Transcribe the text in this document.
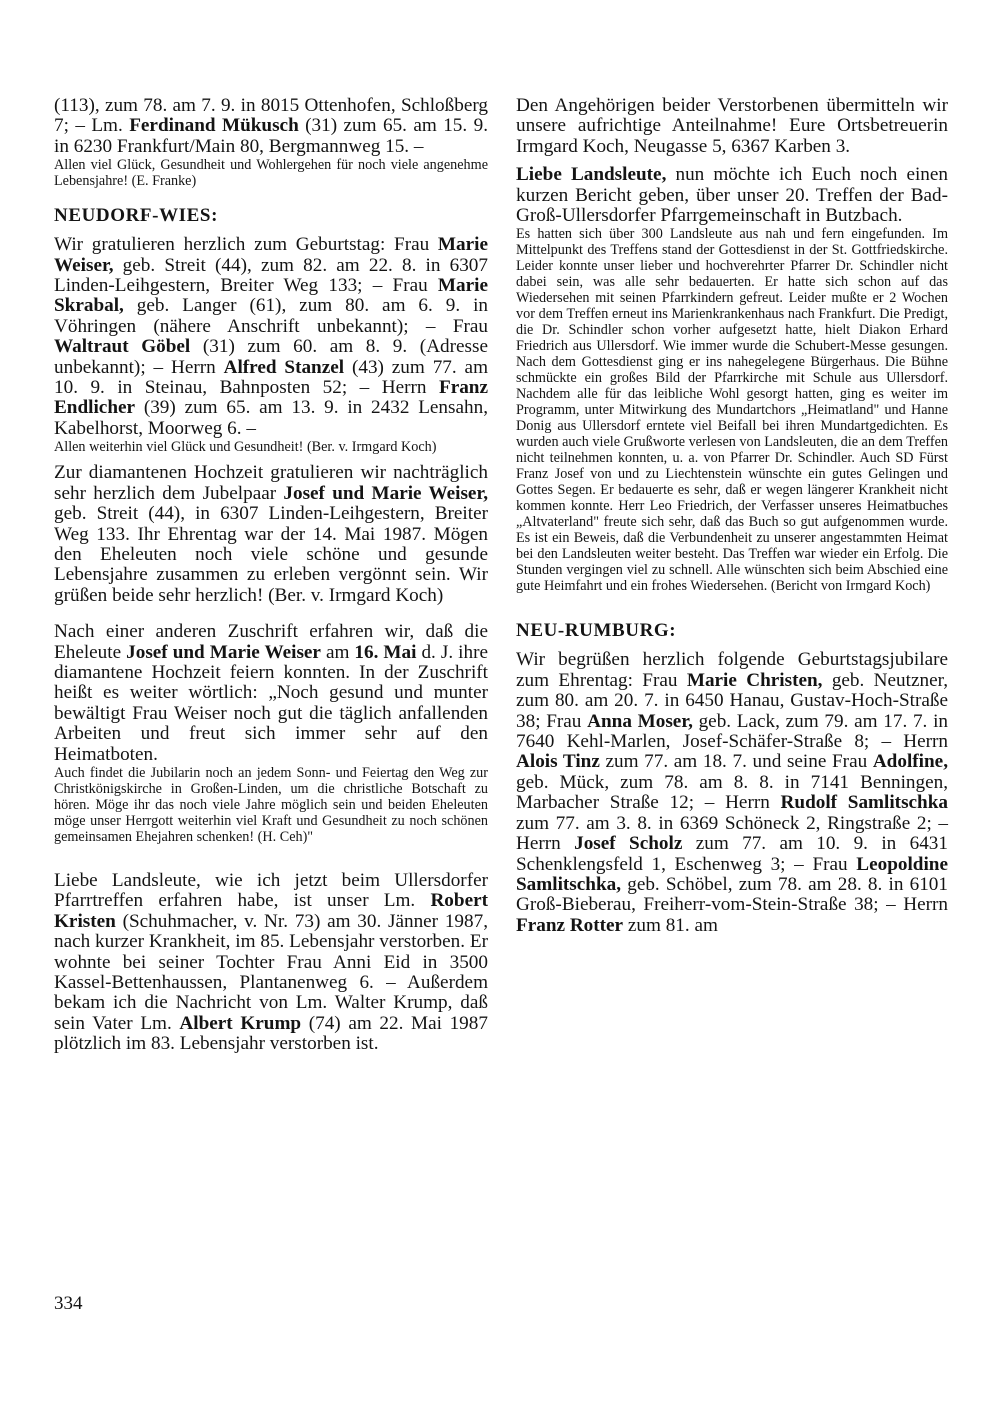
(113), zum 78. am 7. 9. in 8015 Ottenhofen, Schloßberg 7; – Lm. Ferdinand Mükusch (31) zum 65. am 15. 9. in 6230 Frankfurt/Main 80, Bergmannweg 15. –

Allen viel Glück, Gesundheit und Wohlergehen für noch viele angenehme Lebensjahre! (E. Franke)

NEUDORF-WIES:

Wir gratulieren herzlich zum Geburtstag: Frau Marie Weiser, geb. Streit (44), zum 82. am 22. 8. in 6307 Linden-Leihgestern, Breiter Weg 133; – Frau Marie Skrabal, geb. Langer (61), zum 80. am 6. 9. in Vöhringen (nähere Anschrift unbekannt); – Frau Waltraut Göbel (31) zum 60. am 8. 9. (Adresse unbekannt); – Herrn Alfred Stanzel (43) zum 77. am 10. 9. in Steinau, Bahnposten 52; – Herrn Franz Endlicher (39) zum 65. am 13. 9. in 2432 Lensahn, Kabelhorst, Moorweg 6. –

Allen weiterhin viel Glück und Gesundheit! (Ber. v. Irmgard Koch)

Zur diamantenen Hochzeit gratulieren wir nachträglich sehr herzlich dem Jubelpaar Josef und Marie Weiser, geb. Streit (44), in 6307 Linden-Leihgestern, Breiter Weg 133. Ihr Ehrentag war der 14. Mai 1987. Mögen den Eheleuten noch viele schöne und gesunde Lebensjahre zusammen zu erleben vergönnt sein. Wir grüßen beide sehr herzlich! (Ber. v. Irmgard Koch)

Nach einer anderen Zuschrift erfahren wir, daß die Eheleute Josef und Marie Weiser am 16. Mai d. J. ihre diamantene Hochzeit feiern konnten. In der Zuschrift heißt es weiter wörtlich: „Noch gesund und munter bewältigt Frau Weiser noch gut die täglich anfallenden Arbeiten und freut sich immer sehr auf den Heimatboten.

Auch findet die Jubilarin noch an jedem Sonn- und Feiertag den Weg zur Christkönigskirche in Großen-Linden, um die christliche Botschaft zu hören. Möge ihr das noch viele Jahre möglich sein und beiden Eheleuten möge unser Herrgott weiterhin viel Kraft und Gesundheit zu noch schönen gemeinsamen Ehejahren schenken! (H. Ceh)"

Liebe Landsleute, wie ich jetzt beim Ullersdorfer Pfarrtreffen erfahren habe, ist unser Lm. Robert Kristen (Schuhmacher, v. Nr. 73) am 30. Jänner 1987, nach kurzer Krankheit, im 85. Lebensjahr verstorben. Er wohnte bei seiner Tochter Frau Anni Eid in 3500 Kassel-Bettenhaussen, Plantanenweg 6. – Außerdem bekam ich die Nachricht von Lm. Walter Krump, daß sein Vater Lm. Albert Krump (74) am 22. Mai 1987 plötzlich im 83. Lebensjahr verstorben ist.

Den Angehörigen beider Verstorbenen übermitteln wir unsere aufrichtige Anteilnahme! Eure Ortsbetreuerin Irmgard Koch, Neugasse 5, 6367 Karben 3.

Liebe Landsleute, nun möchte ich Euch noch einen kurzen Bericht geben, über unser 20. Treffen der Bad-Groß-Ullersdorfer Pfarrgemeinschaft in Butzbach.

Es hatten sich über 300 Landsleute aus nah und fern eingefunden. Im Mittelpunkt des Treffens stand der Gottesdienst in der St. Gottfriedskirche. Leider konnte unser lieber und hochverehrter Pfarrer Dr. Schindler nicht dabei sein, was alle sehr bedauerten. Er hatte sich schon auf das Wiedersehen mit seinen Pfarrkindern gefreut. Leider mußte er 2 Wochen vor dem Treffen erneut ins Marienkrankenhaus nach Frankfurt. Die Predigt, die Dr. Schindler schon vorher aufgesetzt hatte, hielt Diakon Erhard Friedrich aus Ullersdorf. Wie immer wurde die Schubert-Messe gesungen. Nach dem Gottesdienst ging er ins nahegelegene Bürgerhaus. Die Bühne schmückte ein großes Bild der Pfarrkirche mit Schule aus Ullersdorf. Nachdem alle für das leibliche Wohl gesorgt hatten, ging es weiter im Programm, unter Mitwirkung des Mundartchors „Heimatland" und Hanne Donig aus Ullersdorf erntete viel Beifall bei ihren Mundartgedichten. Es wurden auch viele Grußworte verlesen von Landsleuten, die an dem Treffen nicht teilnehmen konnten, u. a. von Pfarrer Dr. Schindler. Auch SD Fürst Franz Josef von und zu Liechtenstein wünschte ein gutes Gelingen und Gottes Segen. Er bedauerte es sehr, daß er wegen längerer Krankheit nicht kommen konnte. Herr Leo Friedrich, der Verfasser unseres Heimatbuches „Altvaterland" freute sich sehr, daß das Buch so gut aufgenommen wurde. Es ist ein Beweis, daß die Verbundenheit zu unserer angestammten Heimat bei den Landsleuten weiter besteht. Das Treffen war wieder ein Erfolg. Die Stunden vergingen viel zu schnell. Alle wünschten sich beim Abschied eine gute Heimfahrt und ein frohes Wiedersehen. (Bericht von Irmgard Koch)

NEU-RUMBURG:

Wir begrüßen herzlich folgende Geburtstagsjubilare zum Ehrentag: Frau Marie Christen, geb. Neutzner, zum 80. am 20. 7. in 6450 Hanau, Gustav-Hoch-Straße 38; Frau Anna Moser, geb. Lack, zum 79. am 17. 7. in 7640 Kehl-Marlen, Josef-Schäfer-Straße 8; – Herrn Alois Tinz zum 77. am 18. 7. und seine Frau Adolfine, geb. Mück, zum 78. am 8. 8. in 7141 Benningen, Marbacher Straße 12; – Herrn Rudolf Samlitschka zum 77. am 3. 8. in 6369 Schöneck 2, Ringstraße 2; – Herrn Josef Scholz zum 77. am 10. 9. in 6431 Schenklengsfeld 1, Eschenweg 3; – Frau Leopoldine Samlitschka, geb. Schöbel, zum 78. am 28. 8. in 6101 Groß-Bieberau, Freiherr-vom-Stein-Straße 38; – Herrn Franz Rotter zum 81. am

334
